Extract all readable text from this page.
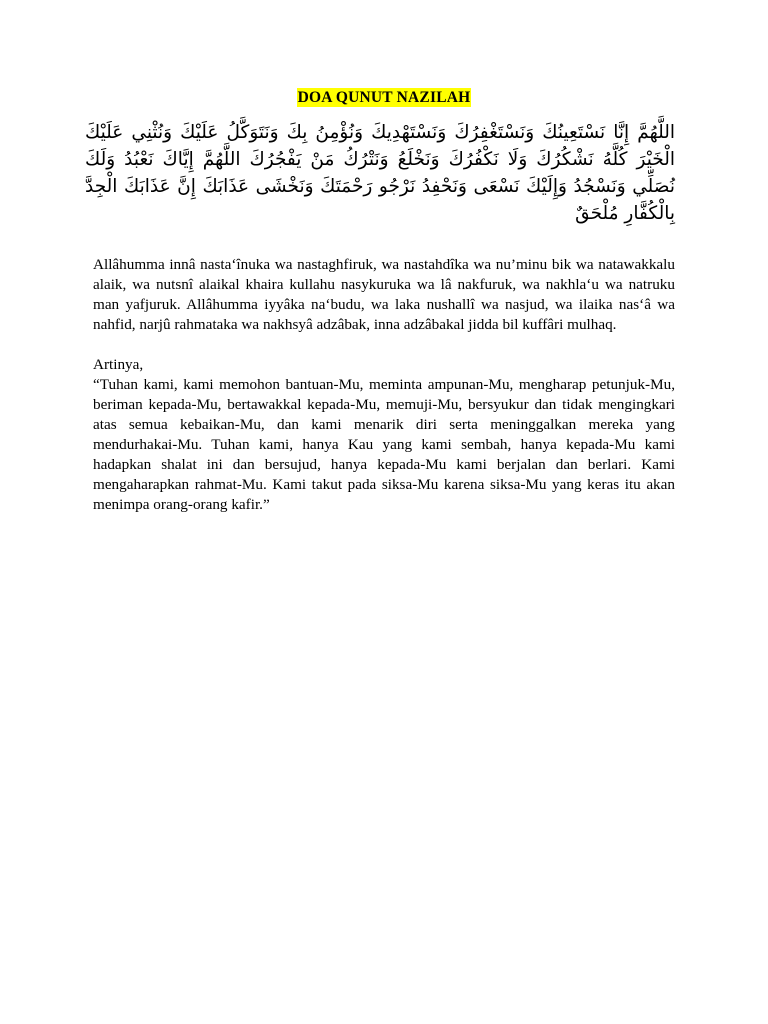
DOA QUNUT NAZILAH

اللَّهُمَّ إِنَّا نَسْتَعِينُكَ وَنَسْتَغْفِرُكَ وَنَسْتَهْدِيكَ وَنُؤْمِنُ بِكَ وَنَتَوَكَّلُ عَلَيْكَ وَنُثْنِي عَلَيْكَ الْخَيْرَ كُلَّهُ نَشْكُرُكَ وَلَا نَكْفُرُكَ وَنَخْلَعُ وَنَتْرُكُ مَنْ يَفْجُرُكَ اللَّهُمَّ إِيَّاكَ نَعْبُدُ وَلَكَ نُصَلِّي وَنَسْجُدُ وَإِلَيْكَ نَسْعَى وَنَحْفِدُ نَرْجُو رَحْمَتَكَ وَنَخْشَى عَذَابَكَ إِنَّ عَذَابَكَ الْجِدَّ بِالْكُفَّارِ مُلْحَقٌ

Allâhumma innâ nasta‘înuka wa nastaghfiruk, wa nastahdîka wa nu’minu bik wa natawakkalu alaik, wa nutsnî alaikal khaira kullahu nasykuruka wa lâ nakfuruk, wa nakhla‘u wa natruku man yafjuruk. Allâhumma iyyâka na‘budu, wa laka nushallî wa nasjud, wa ilaika nas‘â wa nahfid, narjû rahmataka wa nakhsyâ adzâbak, inna adzâbakal jidda bil kuffâri mulhaq.
Artinya,
“Tuhan kami, kami memohon bantuan-Mu, meminta ampunan-Mu, mengharap petunjuk-Mu, beriman kepada-Mu, bertawakkal kepada-Mu, memuji-Mu, bersyukur dan tidak mengingkari atas semua kebaikan-Mu, dan kami menarik diri serta meninggalkan mereka yang mendurhakai-Mu. Tuhan kami, hanya Kau yang kami sembah, hanya kepada-Mu kami hadapkan shalat ini dan bersujud, hanya kepada-Mu kami berjalan dan berlari. Kami mengaharapkan rahmat-Mu. Kami takut pada siksa-Mu karena siksa-Mu yang keras itu akan menimpa orang-orang kafir.”
